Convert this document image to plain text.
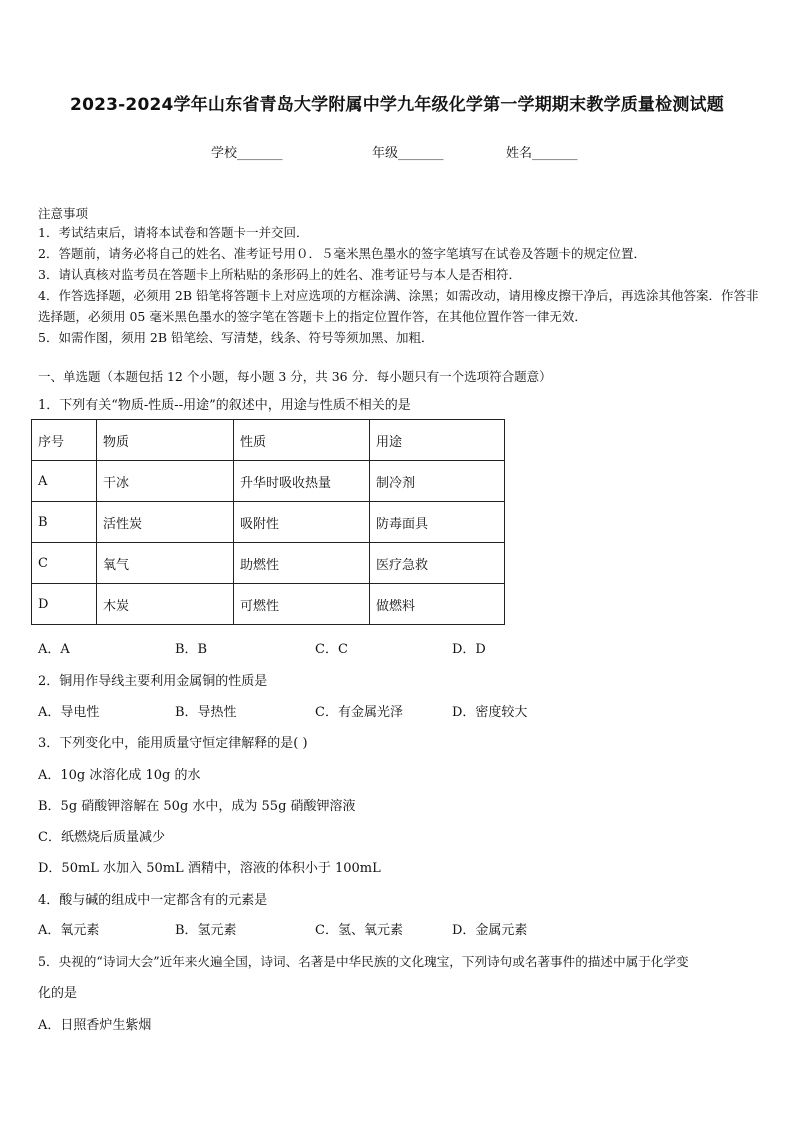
2023-2024学年山东省青岛大学附属中学九年级化学第一学期期末教学质量检测试题
学校_______	年级_______	姓名_______
注意事项
1．考试结束后，请将本试卷和答题卡一并交回．
2．答题前，请务必将自己的姓名、准考证号用０．５毫米黑色墨水的签字笔填写在试卷及答题卡的规定位置．
3．请认真核对监考员在答题卡上所粘贴的条形码上的姓名、准考证号与本人是否相符．
4．作答选择题，必须用 2B 铅笔将答题卡上对应选项的方框涂满、涂黑；如需改动，请用橡皮擦干净后，再选涂其他答案．作答非选择题，必须用 05 毫米黑色墨水的签字笔在答题卡上的指定位置作答，在其他位置作答一律无效．
5．如需作图，须用 2B 铅笔绘、写清楚，线条、符号等须加黑、加粗．
一、单选题（本题包括 12 个小题，每小题 3 分，共 36 分．每小题只有一个选项符合题意）
1．下列有关“物质-性质--用途”的叙述中，用途与性质不相关的是
序号	物质	性质	用途
A	干冰	升华时吸收热量	制冷剂
B	活性炭	吸附性	防毒面具
C	氧气	助燃性	医疗急救
D	木炭	可燃性	做燃料
A．A	B．B	C．C	D．D
2．铜用作导线主要利用金属铜的性质是
A．导电性	B．导热性	C．有金属光泽	D．密度较大
3．下列变化中，能用质量守恒定律解释的是( )
A．10g 冰溶化成 10g 的水
B．5g 硝酸钾溶解在 50g 水中，成为 55g 硝酸钾溶液
C．纸燃烧后质量减少
D．50mL 水加入 50mL 酒精中，溶液的体积小于 100mL
4．酸与碱的组成中一定都含有的元素是
A．氧元素	B．氢元素	C．氢、氧元素	D．金属元素
5．央视的“诗词大会”近年来火遍全国，诗词、名著是中华民族的文化瑰宝，下列诗句或名著事件的描述中属于化学变
化的是
A．日照香炉生紫烟
